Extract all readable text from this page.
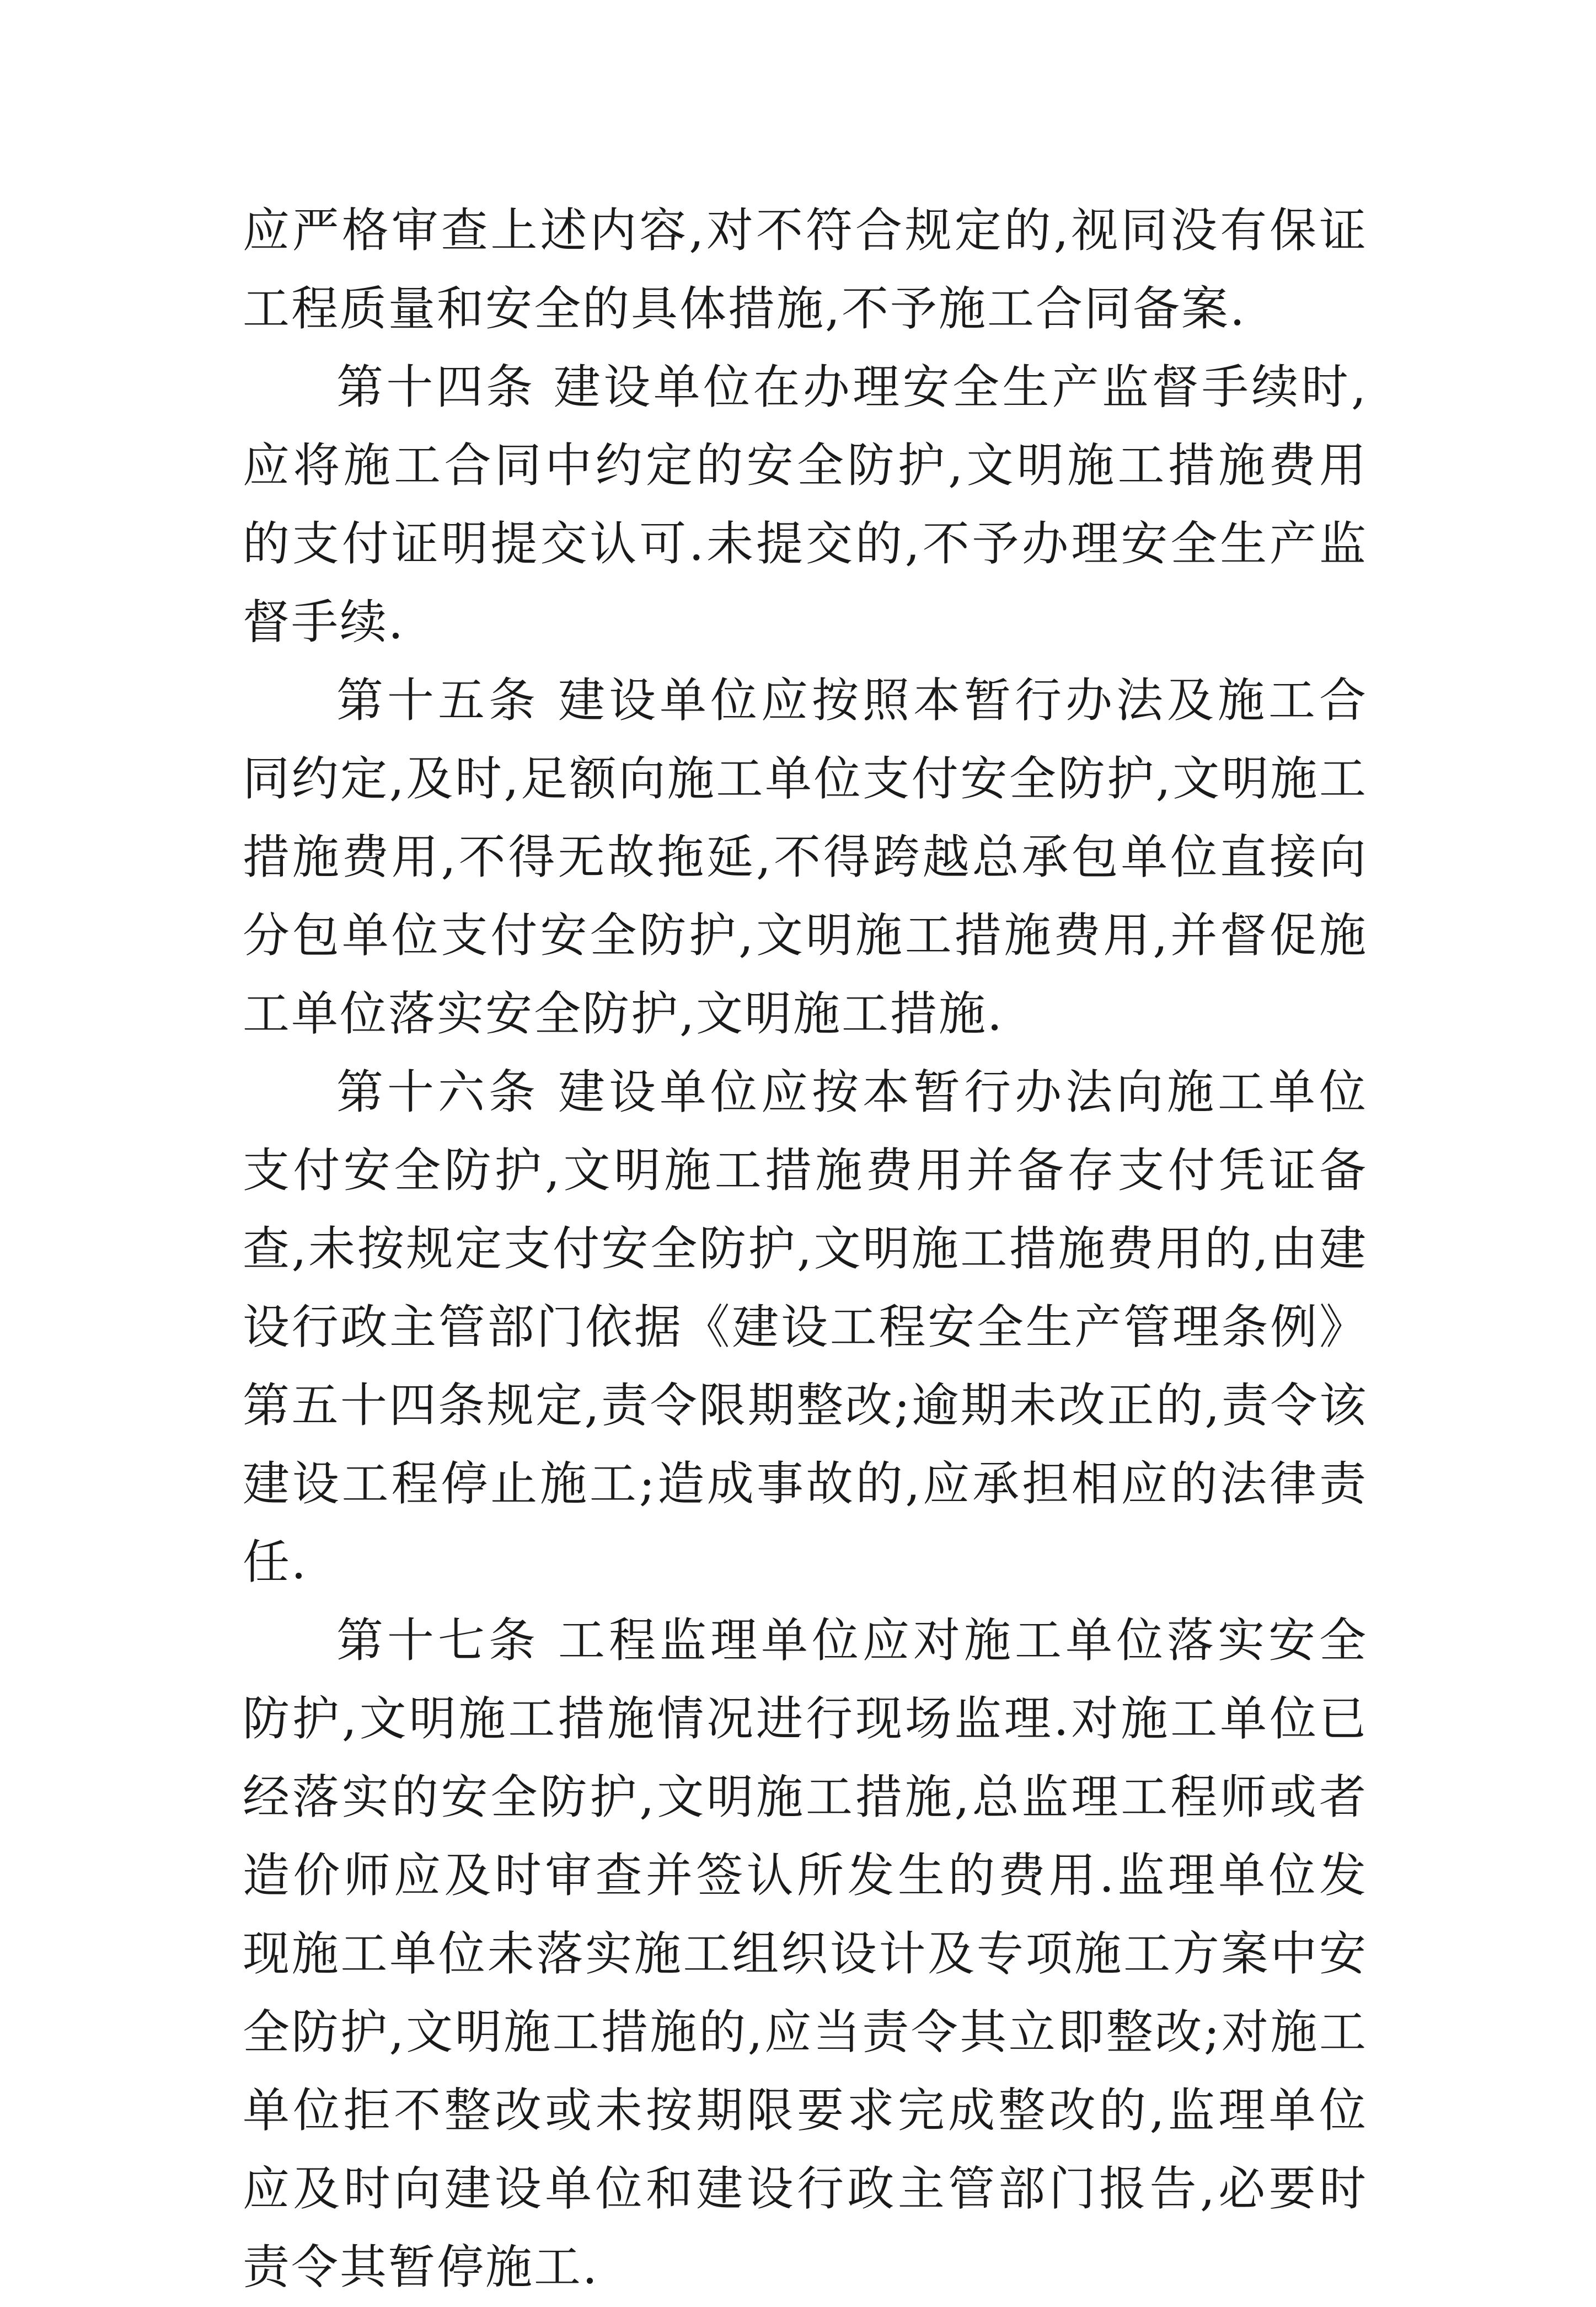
应严格审查上述内容,对不符合规定的,视同没有保证工程质量和安全的具体措施,不予施工合同备案.

第十四条 建设单位在办理安全生产监督手续时,应将施工合同中约定的安全防护,文明施工措施费用的支付证明提交认可.未提交的,不予办理安全生产监督手续.

第十五条 建设单位应按照本暂行办法及施工合同约定,及时,足额向施工单位支付安全防护,文明施工措施费用,不得无故拖延,不得跨越总承包单位直接向分包单位支付安全防护,文明施工措施费用,并督促施工单位落实安全防护,文明施工措施.

第十六条 建设单位应按本暂行办法向施工单位支付安全防护,文明施工措施费用并备存支付凭证备查,未按规定支付安全防护,文明施工措施费用的,由建设行政主管部门依据《建设工程安全生产管理条例》第五十四条规定,责令限期整改;逾期未改正的,责令该建设工程停止施工;造成事故的,应承担相应的法律责任.

第十七条 工程监理单位应对施工单位落实安全防护,文明施工措施情况进行现场监理.对施工单位已经落实的安全防护,文明施工措施,总监理工程师或者造价师应及时审查并签认所发生的费用.监理单位发现施工单位未落实施工组织设计及专项施工方案中安全防护,文明施工措施的,应当责令其立即整改;对施工单位拒不整改或未按期限要求完成整改的,监理单位应及时向建设单位和建设行政主管部门报告,必要时责令其暂停施工.
